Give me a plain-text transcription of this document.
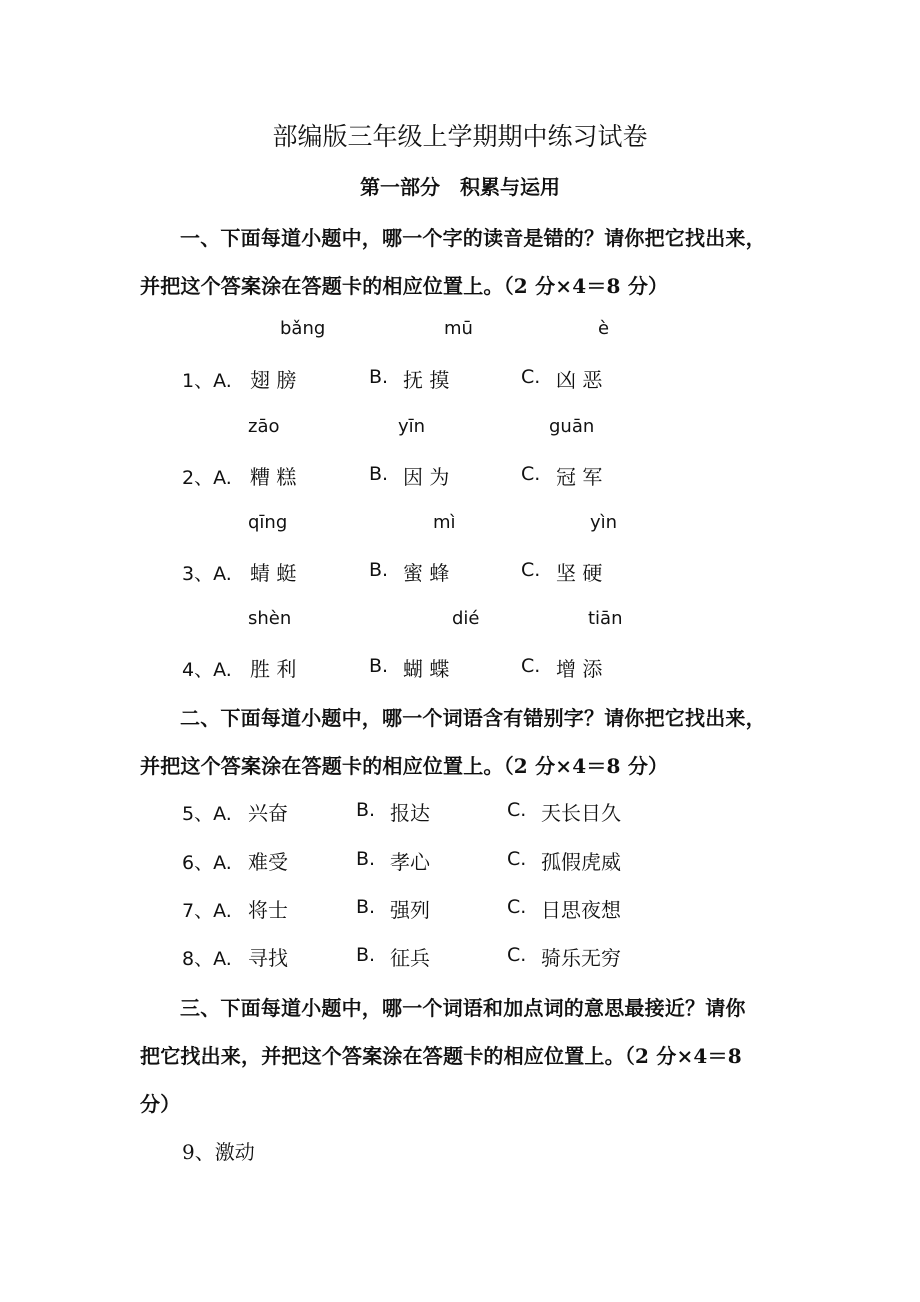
部编版三年级上学期期中练习试卷
第一部分　积累与运用
一、下面每道小题中，哪一个字的读音是错的？请你把它找出来，
并把这个答案涂在答题卡的相应位置上。（2 分×4＝8 分）
bǎng	mū	è
1、A. 翅 膀	B. 抚 摸	C. 凶 恶
zāo	yīn	guān
2、A. 糟 糕	B. 因 为	C. 冠 军
qīng	mì	yìn
3、A. 蜻 蜓	B. 蜜 蜂	C. 坚 硬
shèn	dié	tiān
4、A. 胜 利	B. 蝴 蝶	C. 增 添
二、下面每道小题中，哪一个词语含有错别字？请你把它找出来，
并把这个答案涂在答题卡的相应位置上。（2 分×4＝8 分）
5、A. 兴奋	B. 报达	C. 天长日久
6、A. 难受	B. 孝心	C. 孤假虎威
7、A. 将士	B. 强列	C. 日思夜想
8、A. 寻找	B. 征兵	C. 骑乐无穷
三、下面每道小题中，哪一个词语和加点词的意思最接近？请你
把它找出来，并把这个答案涂在答题卡的相应位置上。（2 分×4＝8
分）
9、激动
